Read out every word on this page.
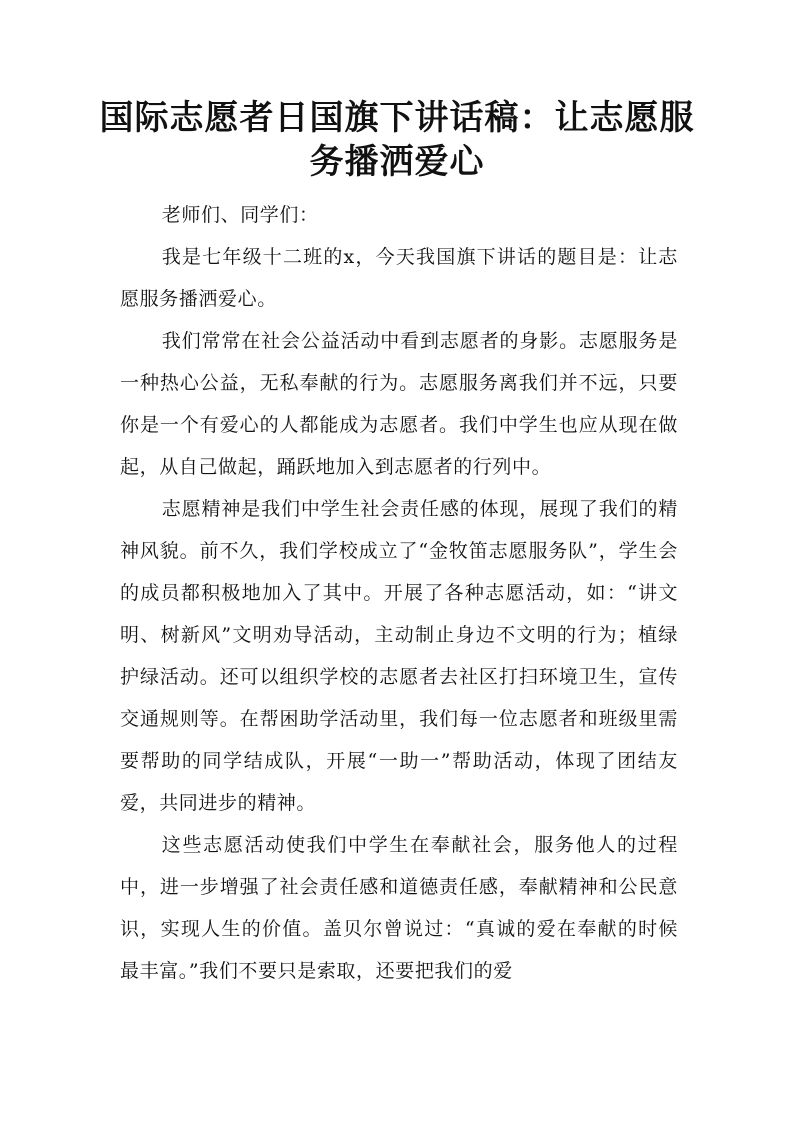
国际志愿者日国旗下讲话稿：让志愿服务播洒爱心

老师们、同学们：

我是七年级十二班的x，今天我国旗下讲话的题目是：让志愿服务播洒爱心。

我们常常在社会公益活动中看到志愿者的身影。志愿服务是一种热心公益，无私奉献的行为。志愿服务离我们并不远，只要你是一个有爱心的人都能成为志愿者。我们中学生也应从现在做起，从自己做起，踊跃地加入到志愿者的行列中。

志愿精神是我们中学生社会责任感的体现，展现了我们的精神风貌。前不久，我们学校成立了“金牧笛志愿服务队”，学生会的成员都积极地加入了其中。开展了各种志愿活动，如：“讲文明、树新风”文明劝导活动，主动制止身边不文明的行为；植绿护绿活动。还可以组织学校的志愿者去社区打扫环境卫生，宣传交通规则等。在帮困助学活动里，我们每一位志愿者和班级里需要帮助的同学结成队，开展“一助一”帮助活动，体现了团结友爱，共同进步的精神。

这些志愿活动使我们中学生在奉献社会，服务他人的过程中，进一步增强了社会责任感和道德责任感，奉献精神和公民意识，实现人生的价值。盖贝尔曾说过：“真诚的爱在奉献的时候最丰富。”我们不要只是索取，还要把我们的爱
